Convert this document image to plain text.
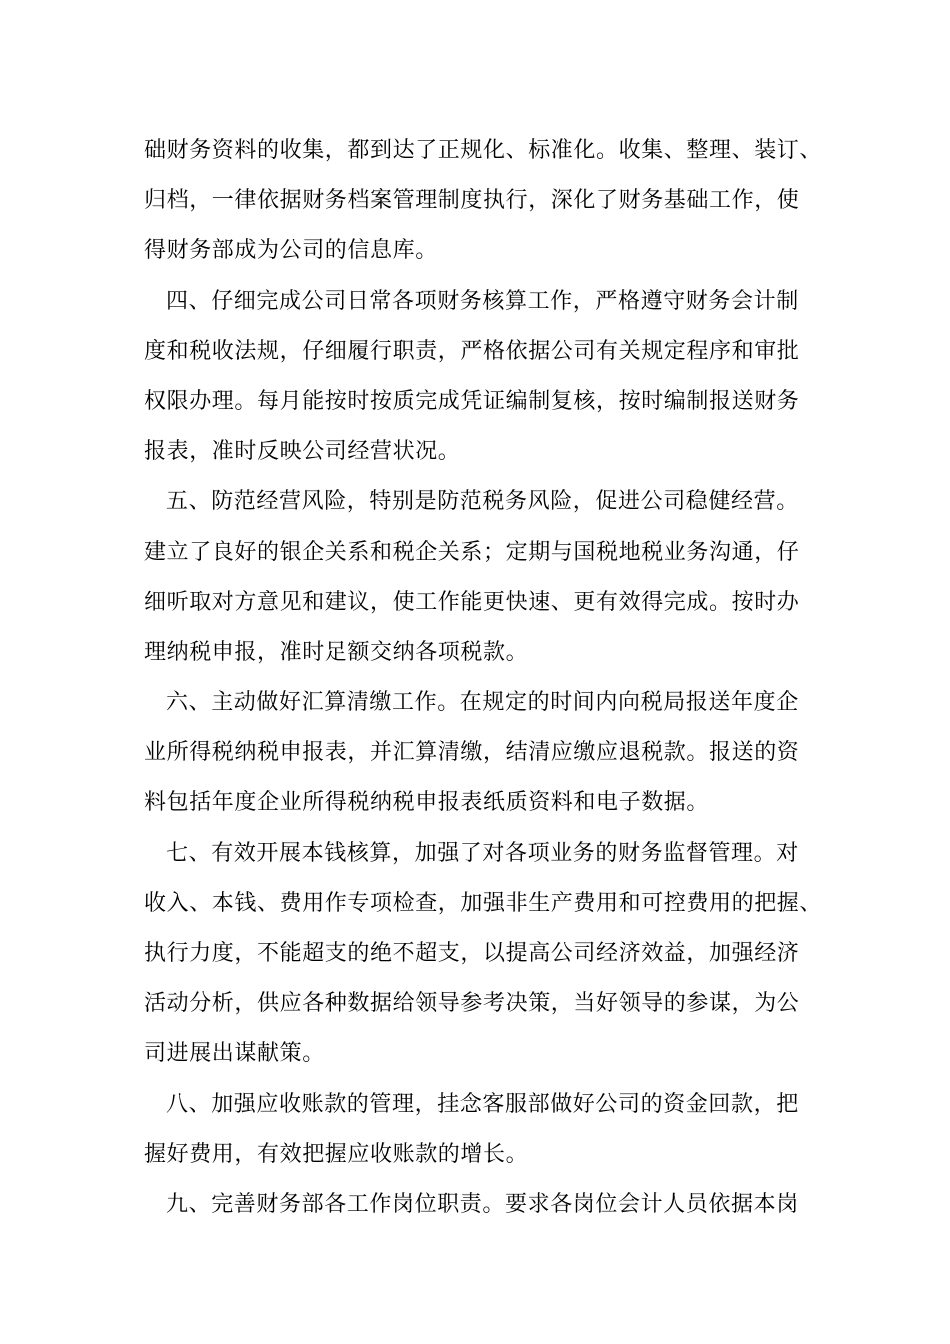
础财务资料的收集，都到达了正规化、标准化。收集、整理、装订、
归档，一律依据财务档案管理制度执行，深化了财务基础工作，使
得财务部成为公司的信息库。
四、仔细完成公司日常各项财务核算工作，严格遵守财务会计制
度和税收法规，仔细履行职责，严格依据公司有关规定程序和审批
权限办理。每月能按时按质完成凭证编制复核，按时编制报送财务
报表，准时反映公司经营状况。
五、防范经营风险，特别是防范税务风险，促进公司稳健经营。
建立了良好的银企关系和税企关系；定期与国税地税业务沟通，仔
细听取对方意见和建议，使工作能更快速、更有效得完成。按时办
理纳税申报，准时足额交纳各项税款。
六、主动做好汇算清缴工作。在规定的时间内向税局报送年度企
业所得税纳税申报表，并汇算清缴，结清应缴应退税款。报送的资
料包括年度企业所得税纳税申报表纸质资料和电子数据。
七、有效开展本钱核算，加强了对各项业务的财务监督管理。对
收入、本钱、费用作专项检查，加强非生产费用和可控费用的把握、
执行力度，不能超支的绝不超支，以提高公司经济效益，加强经济
活动分析，供应各种数据给领导参考决策，当好领导的参谋，为公
司进展出谋献策。
八、加强应收账款的管理，挂念客服部做好公司的资金回款，把
握好费用，有效把握应收账款的增长。
九、完善财务部各工作岗位职责。要求各岗位会计人员依据本岗
